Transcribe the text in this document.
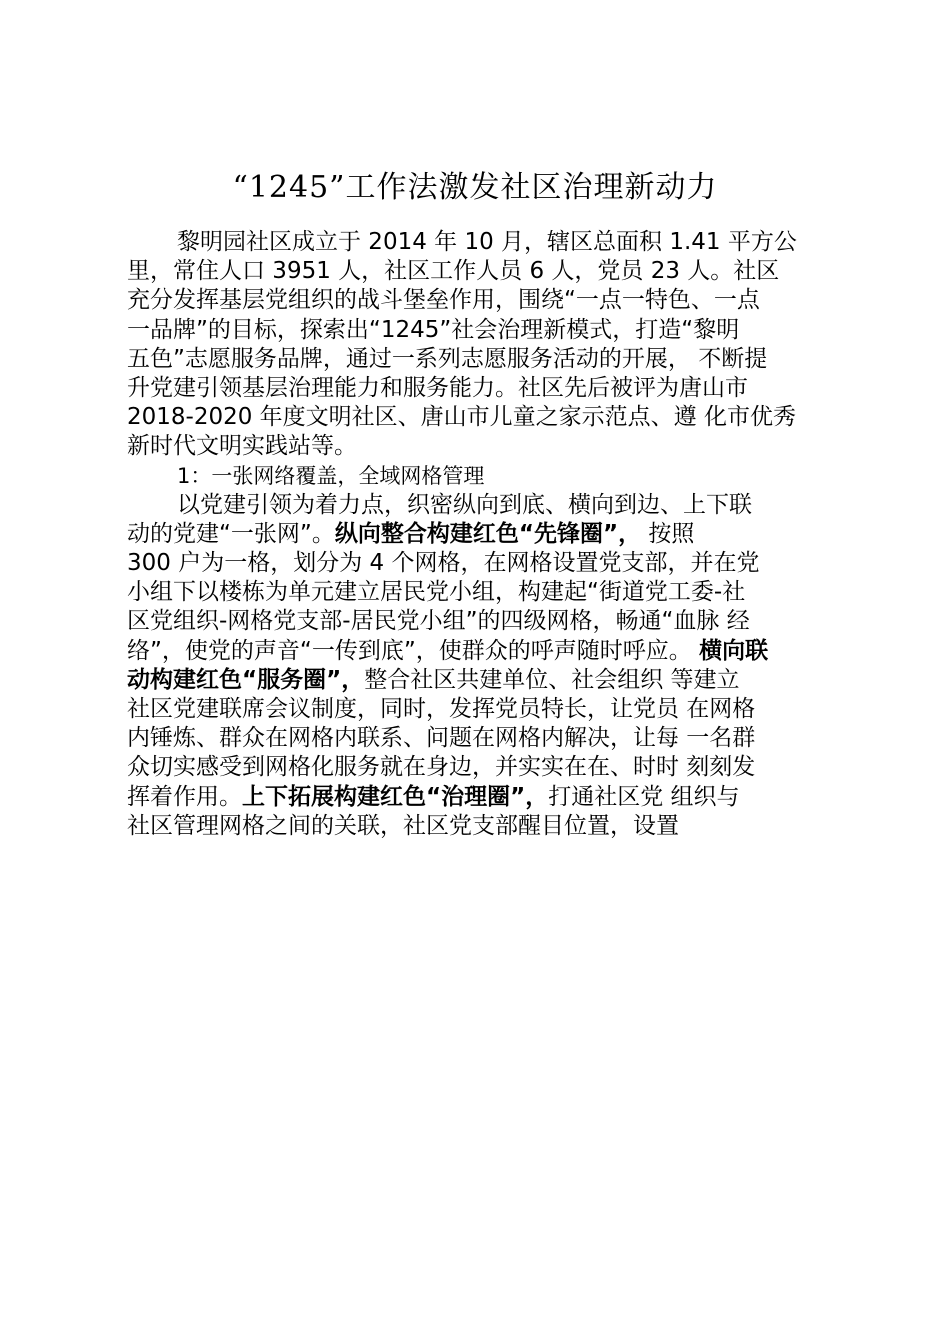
“1245”工作法激发社区治理新动力
黎明园社区成立于 2014 年 10 月，辖区总面积 1.41 平方公
里，常住人口 3951 人，社区工作人员 6 人，党员 23 人。社区
充分发挥基层党组织的战斗堡垒作用，围绕“一点一特色、一点
一品牌”的目标，探索出“1245”社会治理新模式，打造“黎明
五色”志愿服务品牌，通过一系列志愿服务活动的开展， 不断提
升党建引领基层治理能力和服务能力。社区先后被评为唐山市
2018-2020 年度文明社区、唐山市儿童之家示范点、遵 化市优秀
新时代文明实践站等。
1：一张网络覆盖，全域网格管理
以党建引领为着力点，织密纵向到底、横向到边、上下联
动的党建“一张网”。纵向整合构建红色“先锋圈”， 按照
300 户为一格，划分为 4 个网格，在网格设置党支部，并在党
小组下以楼栋为单元建立居民党小组，构建起“街道党工委-社
区党组织-网格党支部-居民党小组”的四级网格，畅通“血脉 经
络”，使党的声音“一传到底”，使群众的呼声随时呼应。 横向联
动构建红色“服务圈”，整合社区共建单位、社会组织 等建立
社区党建联席会议制度，同时，发挥党员特长，让党员 在网格
内锤炼、群众在网格内联系、问题在网格内解决，让每 一名群
众切实感受到网格化服务就在身边，并实实在在、时时 刻刻发
挥着作用。上下拓展构建红色“治理圈”，打通社区党 组织与
社区管理网格之间的关联，社区党支部醒目位置，设置
